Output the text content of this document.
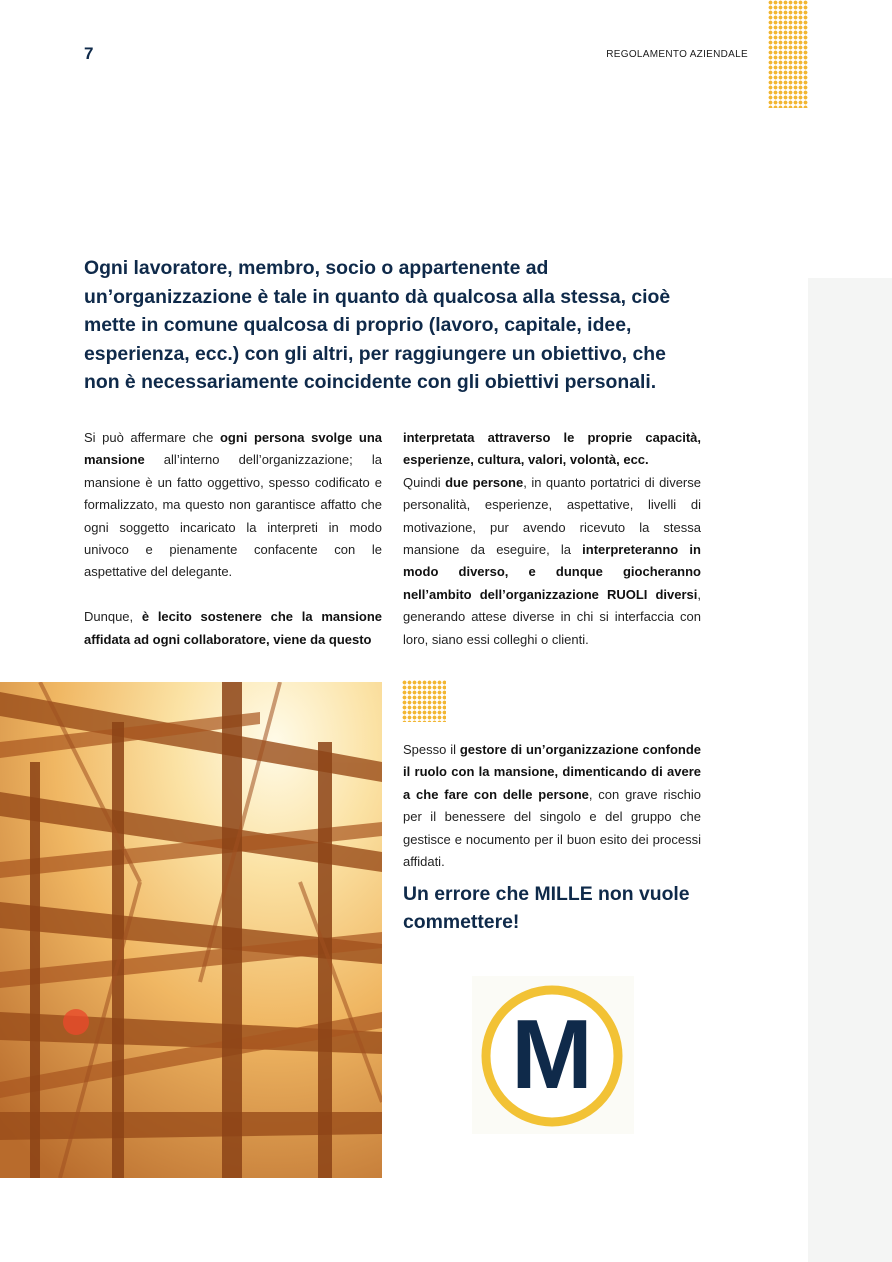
7	REGOLAMENTO AZIENDALE

Ogni lavoratore, membro, socio o appartenente ad un’organizzazione è tale in quanto dà qualcosa alla stessa, cioè mette in comune qualcosa di proprio (lavoro, capitale, idee, esperienza, ecc.) con gli altri, per raggiungere un obiettivo, che non è necessariamente coincidente con gli obiettivi personali.

Si può affermare che ogni persona svolge una mansione all’interno dell’organizzazione; la mansione è un fatto oggettivo, spesso codificato e formalizzato, ma questo non garantisce affatto che ogni soggetto incaricato la interpreti in modo univoco e pienamente confacente con le aspettative del delegante.

Dunque, è lecito sostenere che la mansione affidata ad ogni collaboratore, viene da questo

interpretata attraverso le proprie capacità, esperienze, cultura, valori, volontà, ecc.

Quindi due persone, in quanto portatrici di diverse personalità, esperienze, aspettative, livelli di motivazione, pur avendo ricevuto la stessa mansione da eseguire, la interpreteranno in modo diverso, e dunque giocheranno nell’ambito dell’organizzazione RUOLI diversi, generando attese diverse in chi si interfaccia con loro, siano essi colleghi o clienti.

Spesso il gestore di un’organizzazione confonde il ruolo con la mansione, dimenticando di avere a che fare con delle persone, con grave rischio per il benessere del singolo e del gruppo che gestisce e nocumento per il buon esito dei processi affidati.

Un errore che MILLE non vuole commettere!

M
